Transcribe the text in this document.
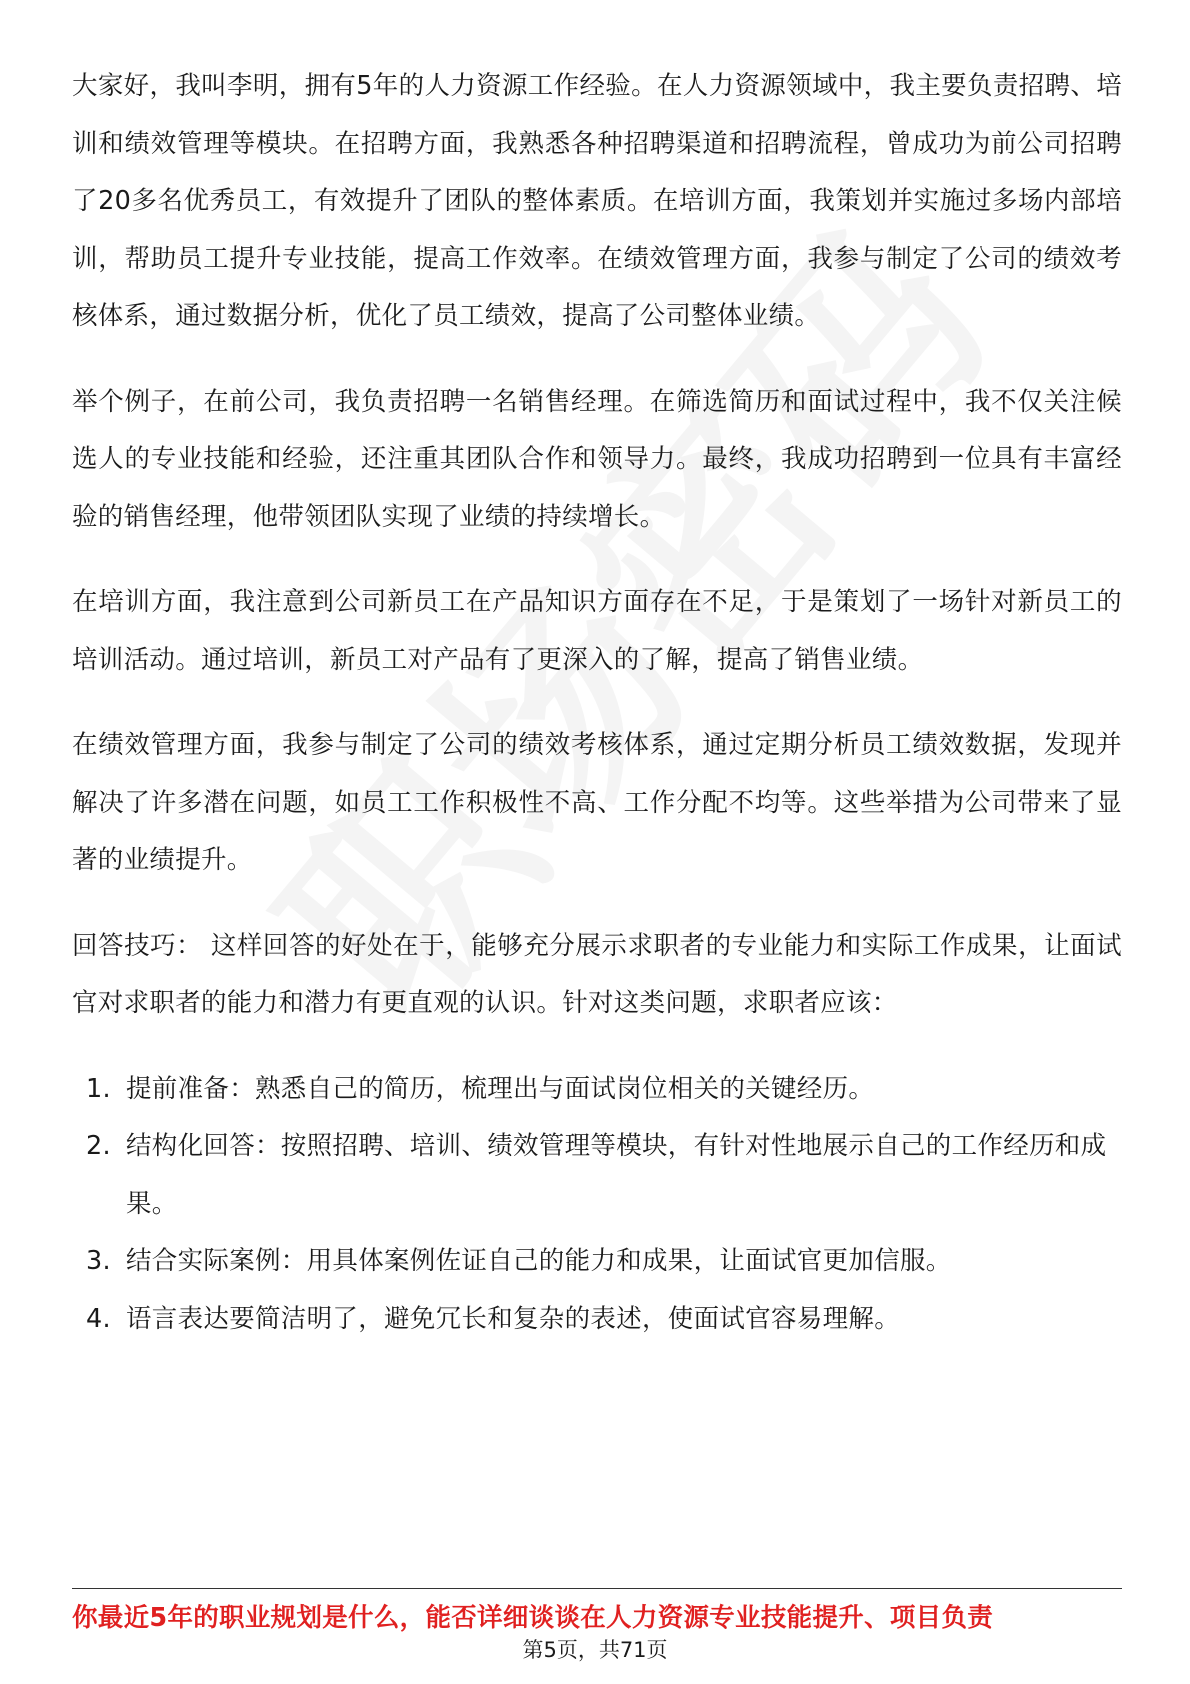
大家好，我叫李明，拥有5年的人力资源工作经验。在人力资源领域中，我主要负责招聘、培训和绩效管理等模块。在招聘方面，我熟悉各种招聘渠道和招聘流程，曾成功为前公司招聘了20多名优秀员工，有效提升了团队的整体素质。在培训方面，我策划并实施过多场内部培训，帮助员工提升专业技能，提高工作效率。在绩效管理方面，我参与制定了公司的绩效考核体系，通过数据分析，优化了员工绩效，提高了公司整体业绩。

举个例子，在前公司，我负责招聘一名销售经理。在筛选简历和面试过程中，我不仅关注候选人的专业技能和经验，还注重其团队合作和领导力。最终，我成功招聘到一位具有丰富经验的销售经理，他带领团队实现了业绩的持续增长。

在培训方面，我注意到公司新员工在产品知识方面存在不足，于是策划了一场针对新员工的培训活动。通过培训，新员工对产品有了更深入的了解，提高了销售业绩。

在绩效管理方面，我参与制定了公司的绩效考核体系，通过定期分析员工绩效数据，发现并解决了许多潜在问题，如员工工作积极性不高、工作分配不均等。这些举措为公司带来了显著的业绩提升。

回答技巧： 这样回答的好处在于，能够充分展示求职者的专业能力和实际工作成果，让面试官对求职者的能力和潜力有更直观的认识。针对这类问题，求职者应该：

1. 提前准备：熟悉自己的简历，梳理出与面试岗位相关的关键经历。
2. 结构化回答：按照招聘、培训、绩效管理等模块，有针对性地展示自己的工作经历和成果。
3. 结合实际案例：用具体案例佐证自己的能力和成果，让面试官更加信服。
4. 语言表达要简洁明了，避免冗长和复杂的表述，使面试官容易理解。
你最近5年的职业规划是什么，能否详细谈谈在人力资源专业技能提升、项目负责
第5页，共71页
